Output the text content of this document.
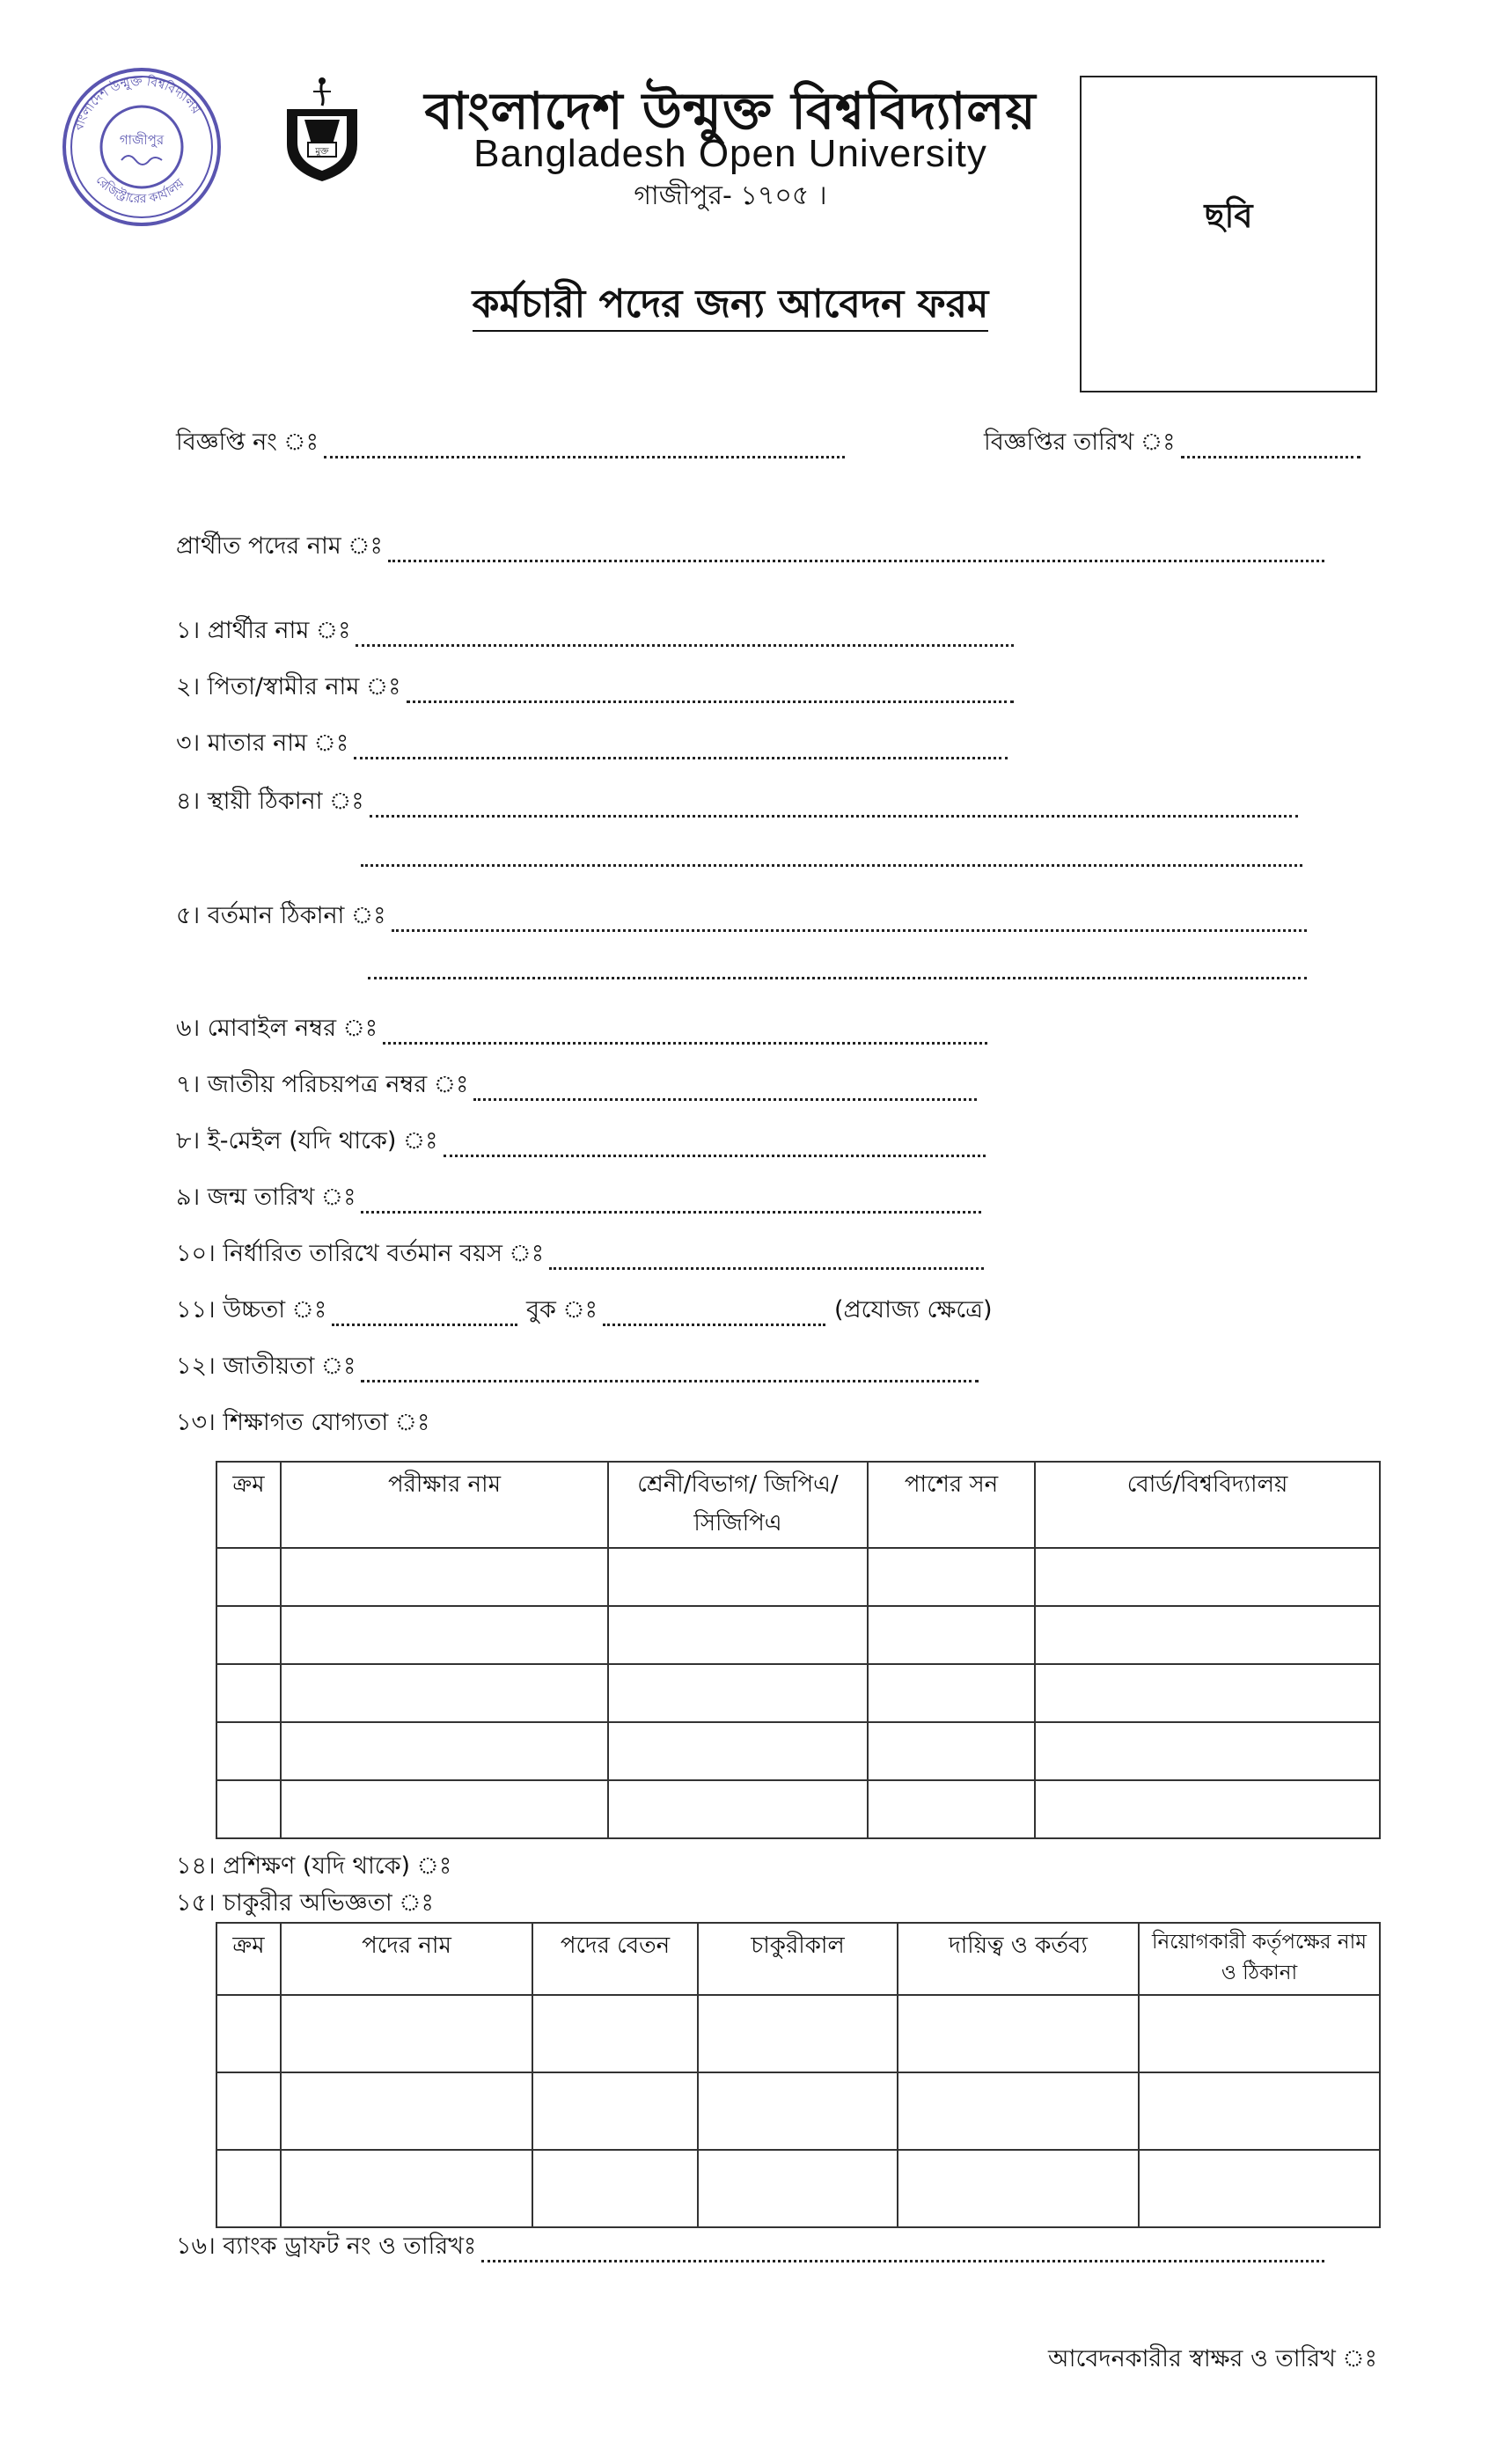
বাংলাদেশ উন্মুক্ত বিশ্ববিদ্যালয়
রেজিস্ট্রারের কার্যালয়
গাজীপুর
মুক্ত
বাংলাদেশ উন্মুক্ত বিশ্ববিদ্যালয়
Bangladesh Open University
গাজীপুর- ১৭০৫ ।
ছবি
কর্মচারী পদের জন্য আবেদন ফরম
বিজ্ঞপ্তি নং ঃ	বিজ্ঞপ্তির তারিখ ঃ
প্রার্থীত পদের নাম ঃ
১। প্রার্থীর নাম ঃ
২। পিতা/স্বামীর নাম ঃ
৩। মাতার নাম ঃ
৪। স্থায়ী ঠিকানা ঃ
৫। বর্তমান ঠিকানা ঃ
৬। মোবাইল নম্বর ঃ
৭। জাতীয় পরিচয়পত্র নম্বর ঃ
৮। ই-মেইল (যদি থাকে) ঃ
৯। জন্ম তারিখ ঃ
১০। নির্ধারিত তারিখে বর্তমান বয়স ঃ
১১। উচ্চতা ঃ	বুক ঃ	(প্রযোজ্য ক্ষেত্রে)
১২। জাতীয়তা ঃ
১৩। শিক্ষাগত যোগ্যতা ঃ
ক্রম	পরীক্ষার নাম	শ্রেনী/বিভাগ/ জিপিএ/সিজিপিএ	পাশের সন	বোর্ড/বিশ্ববিদ্যালয়

১৪। প্রশিক্ষণ (যদি থাকে) ঃ
১৫। চাকুরীর অভিজ্ঞতা ঃ
ক্রম	পদের নাম	পদের বেতন	চাকুরীকাল	দায়িত্ব ও কর্তব্য	নিয়োগকারী কর্তৃপক্ষের নাম ও ঠিকানা

১৬। ব্যাংক ড্রাফট নং ও তারিখঃ
আবেদনকারীর স্বাক্ষর ও তারিখ ঃ
